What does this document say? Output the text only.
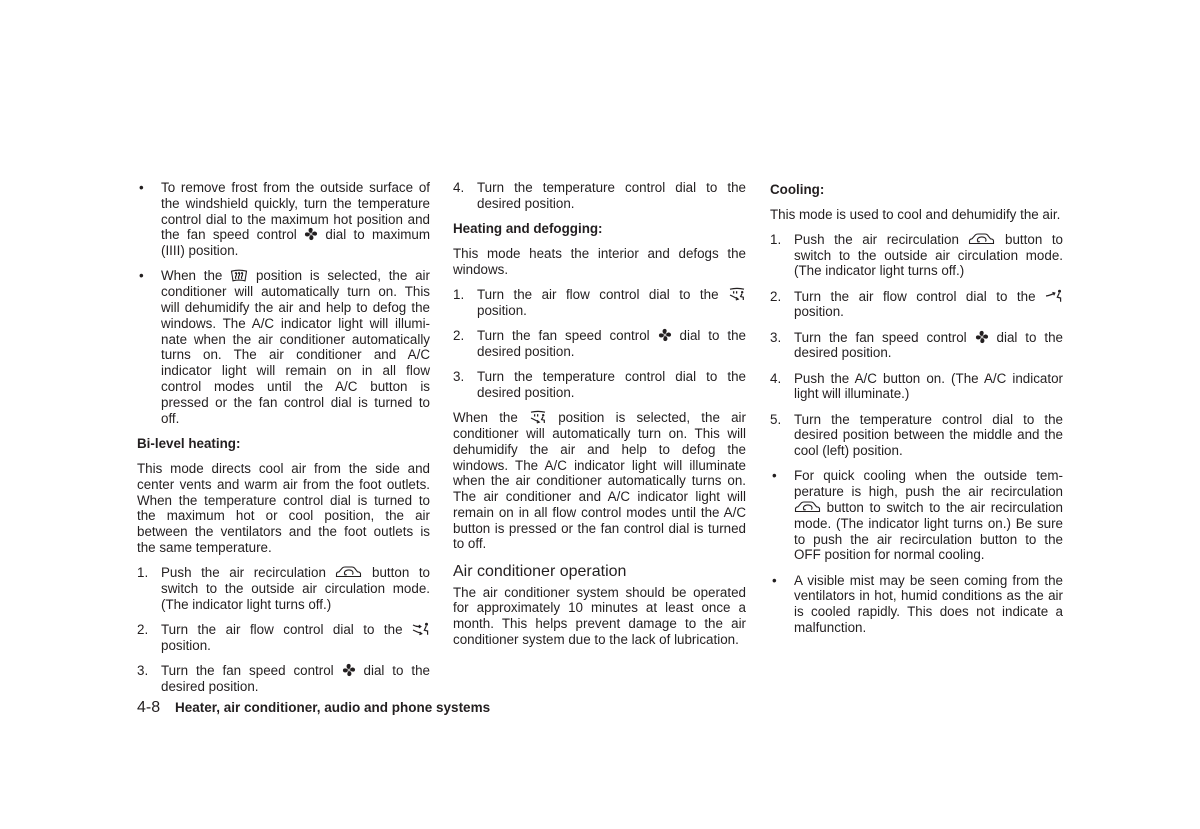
• To remove frost from the outside surface of
the windshield quickly, turn the temperature
control dial to the maximum hot position and
the fan speed control
dial to maximum
(IIII) position.
• When the
position is selected, the air
conditioner will automatically turn on. This
will dehumidify the air and help to defog the
windows. The A/C indicator light will illumi-
nate when the air conditioner automatically
turns on. The air conditioner and A/C
indicator light will remain on in all flow
control modes until the A/C button is
pressed or the fan control dial is turned to
off.
Bi-level heating:
This mode directs cool air from the side and
center vents and warm air from the foot outlets.
When the temperature control dial is turned to
the maximum hot or cool position, the air
between the ventilators and the foot outlets is
the same temperature.
1. Push the air recirculation
button to
switch to the outside air circulation mode.
(The indicator light turns off.)
2. Turn the air flow control dial to the
position.
3. Turn the fan speed control
dial to the
desired position.
4. Turn the temperature control dial to the
desired position.
Heating and defogging:
This mode heats the interior and defogs the
windows.
1. Turn the air flow control dial to the
position.
2. Turn the fan speed control
dial to the
desired position.
3. Turn the temperature control dial to the
desired position.
When the
position is selected, the air
conditioner will automatically turn on. This will
dehumidify the air and help to defog the
windows. The A/C indicator light will illuminate
when the air conditioner automatically turns on.
The air conditioner and A/C indicator light will
remain on in all flow control modes until the A/C
button is pressed or the fan control dial is turned
to off.
Air conditioner operation
The air conditioner system should be operated
for approximately 10 minutes at least once a
month. This helps prevent damage to the air
conditioner system due to the lack of lubrication.
Cooling:
This mode is used to cool and dehumidify the air.
1. Push the air recirculation
button to
switch to the outside air circulation mode.
(The indicator light turns off.)
2. Turn the air flow control dial to the
position.
3. Turn the fan speed control
dial to the
desired position.
4. Push the A/C button on. (The A/C indicator
light will illuminate.)
5. Turn the temperature control dial to the
desired position between the middle and the
cool (left) position.
• For quick cooling when the outside tem-
perature is high, push the air recirculation
button to switch to the air recirculation
mode. (The indicator light turns on.) Be sure
to push the air recirculation button to the
OFF position for normal cooling.
• A visible mist may be seen coming from the
ventilators in hot, humid conditions as the air
is cooled rapidly. This does not indicate a
malfunction.
4-8 Heater, air conditioner, audio and phone systems
